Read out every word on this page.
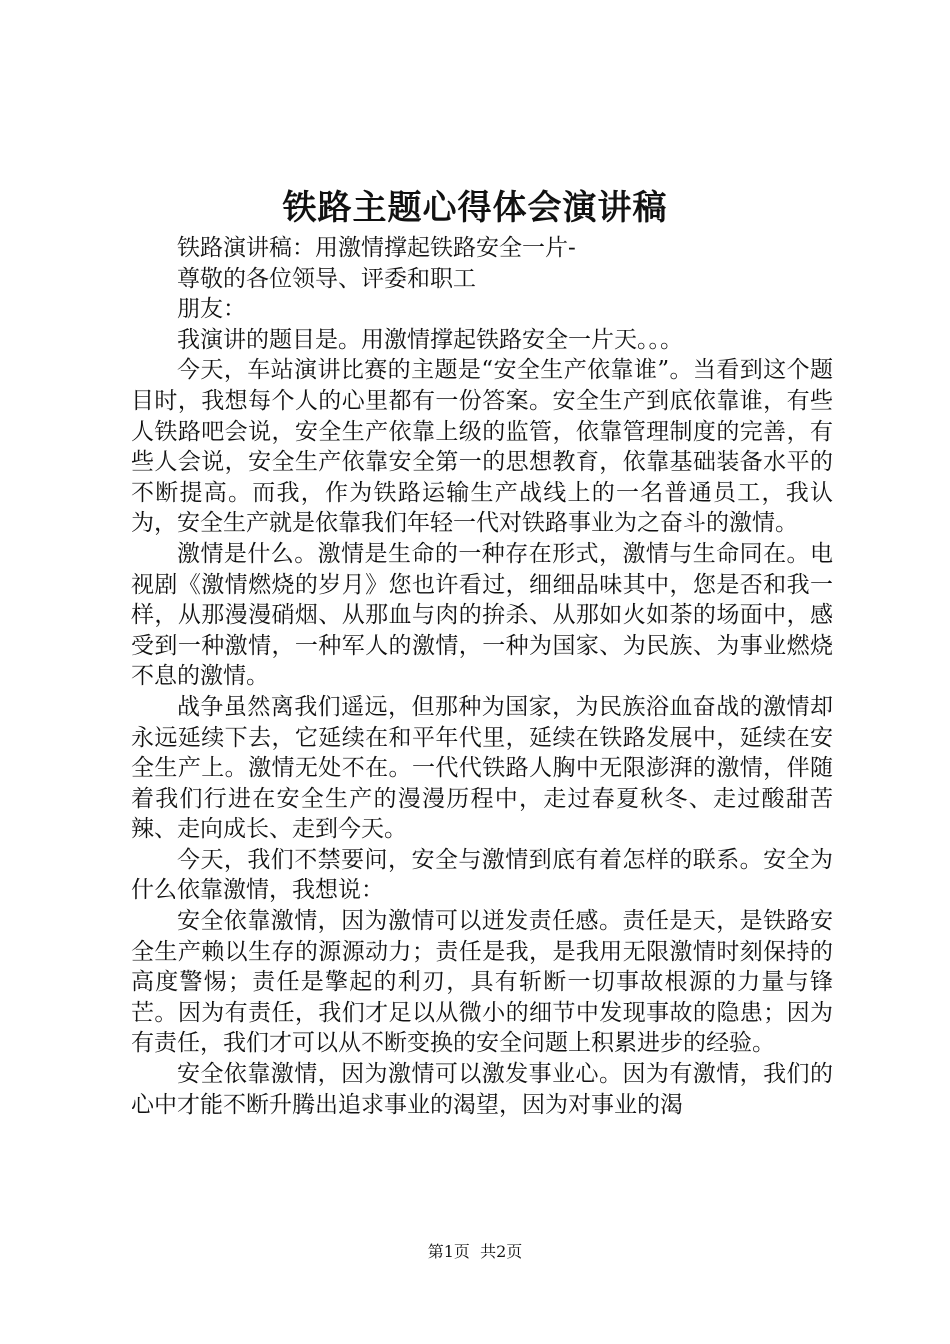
铁路主题心得体会演讲稿

铁路演讲稿：用激情撑起铁路安全一片-

尊敬的各位领导、评委和职工

朋友：

我演讲的题目是。用激情撑起铁路安全一片天。。。

今天，车站演讲比赛的主题是“安全生产依靠谁”。当看到这个题目时，我想每个人的心里都有一份答案。安全生产到底依靠谁，有些人铁路吧会说，安全生产依靠上级的监管，依靠管理制度的完善，有些人会说，安全生产依靠安全第一的思想教育，依靠基础装备水平的不断提高。而我，作为铁路运输生产战线上的一名普通员工，我认为，安全生产就是依靠我们年轻一代对铁路事业为之奋斗的激情。

激情是什么。激情是生命的一种存在形式，激情与生命同在。电视剧《激情燃烧的岁月》您也许看过，细细品味其中，您是否和我一样，从那漫漫硝烟、从那血与肉的拚杀、从那如火如荼的场面中，感受到一种激情，一种军人的激情，一种为国家、为民族、为事业燃烧不息的激情。

战争虽然离我们遥远，但那种为国家，为民族浴血奋战的激情却永远延续下去，它延续在和平年代里，延续在铁路发展中，延续在安全生产上。激情无处不在。一代代铁路人胸中无限澎湃的激情，伴随着我们行进在安全生产的漫漫历程中，走过春夏秋冬、走过酸甜苦辣、走向成长、走到今天。

今天，我们不禁要问，安全与激情到底有着怎样的联系。安全为什么依靠激情，我想说：

安全依靠激情，因为激情可以迸发责任感。责任是天，是铁路安全生产赖以生存的源源动力；责任是我，是我用无限激情时刻保持的高度警惕；责任是擎起的利刃，具有斩断一切事故根源的力量与锋芒。因为有责任，我们才足以从微小的细节中发现事故的隐患；因为有责任，我们才可以从不断变换的安全问题上积累进步的经验。

安全依靠激情，因为激情可以激发事业心。因为有激情，我们的心中才能不断升腾出追求事业的渴望，因为对事业的渴

第1页  共2页
